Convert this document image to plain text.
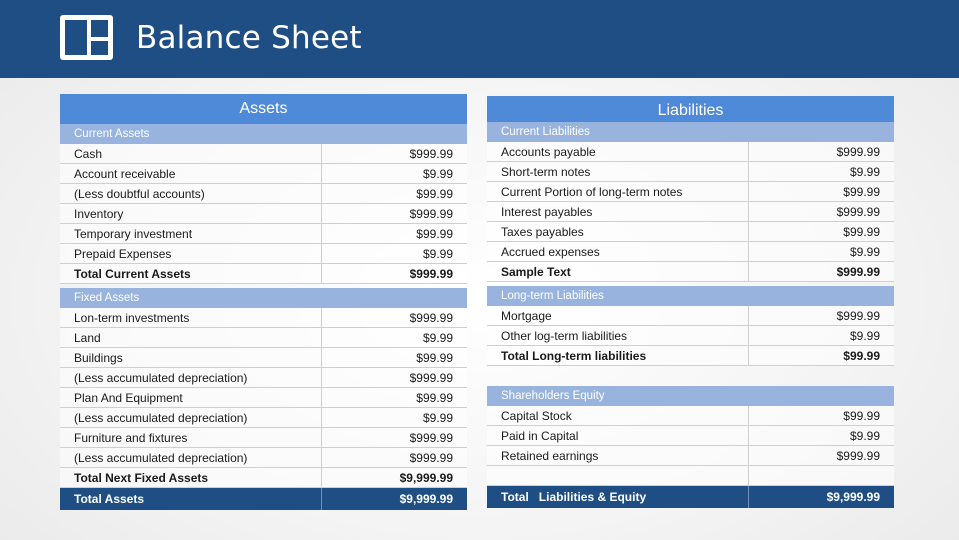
Balance Sheet
Assets
Current Assets
Cash	$999.99
Account receivable	$9.99
(Less doubtful accounts)	$99.99
Inventory	$999.99
Temporary investment	$99.99
Prepaid Expenses	$9.99
Total Current Assets	$999.99
Fixed Assets
Lon-term investments	$999.99
Land	$9.99
Buildings	$99.99
(Less accumulated depreciation)	$999.99
Plan And Equipment	$99.99
(Less accumulated depreciation)	$9.99
Furniture and fixtures	$999.99
(Less accumulated depreciation)	$999.99
Total Next Fixed Assets	$9,999.99
Total Assets	$9,999.99
Liabilities
Current Liabilities
Accounts payable	$999.99
Short-term notes	$9.99
Current Portion of long-term notes	$99.99
Interest payables	$999.99
Taxes payables	$99.99
Accrued expenses	$9.99
Sample Text	$999.99
Long-term Liabilities
Mortgage	$999.99
Other log-term liabilities	$9.99
Total Long-term liabilities	$99.99
Shareholders Equity
Capital Stock	$99.99
Paid in Capital	$9.99
Retained earnings	$999.99
Total   Liabilities & Equity	$9,999.99
